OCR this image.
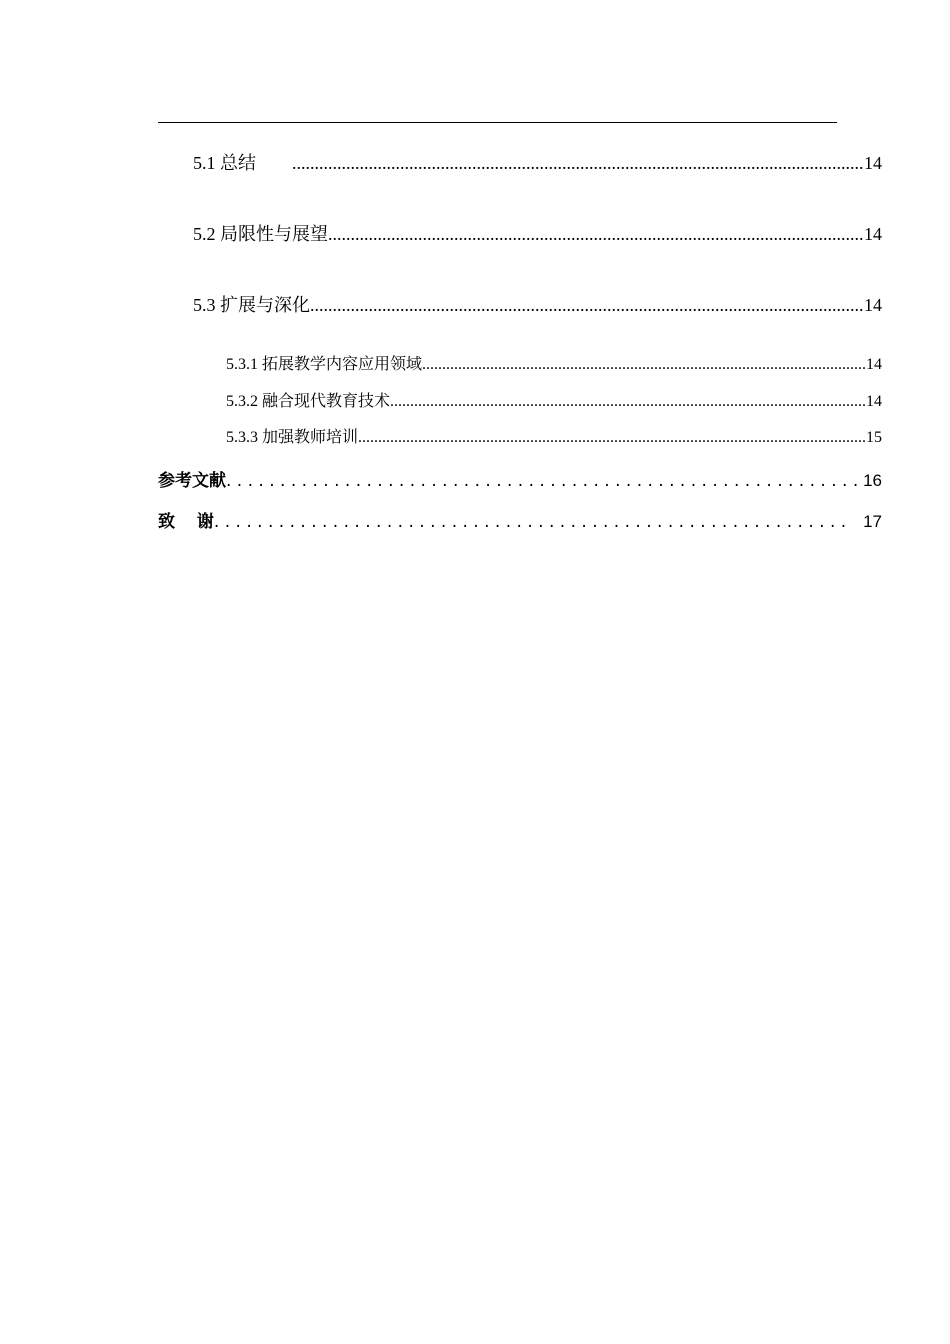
5.1 总结　 .....	14
5.2 局限性与展望 .....	14
5.3 扩展与深化 .....	14
5.3.1 拓展教学内容应用领域 .....	14
5.3.2 融合现代教育技术 .....	14
5.3.3 加强教师培训 .....	15
参考文献 . . .	16
致 谢 . . .	17
